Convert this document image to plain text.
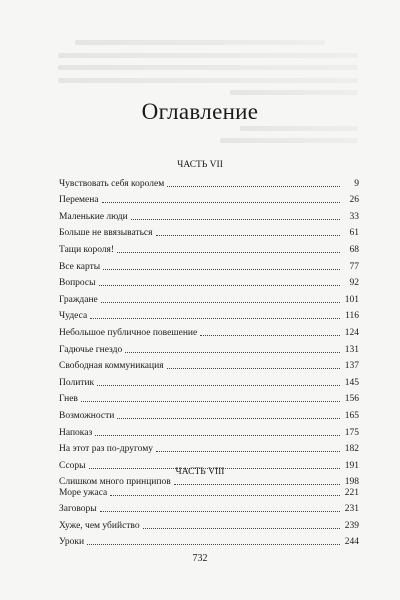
Оглавление
ЧАСТЬ VII
Чувствовать себя королем	9
Перемена	26
Маленькие люди	33
Больше не ввязываться	61
Тащи короля!	68
Все карты	77
Вопросы	92
Граждане	101
Чудеса	116
Небольшое публичное повешение	124
Гадючье гнездо	131
Свободная коммуникация	137
Политик	145
Гнев	156
Возможности	165
Напоказ	175
На этот раз по-другому	182
Ссоры	191
Слишком много принципов	198
ЧАСТЬ VIII
Море ужаса	221
Заговоры	231
Хуже, чем убийство	239
Уроки	244
732
